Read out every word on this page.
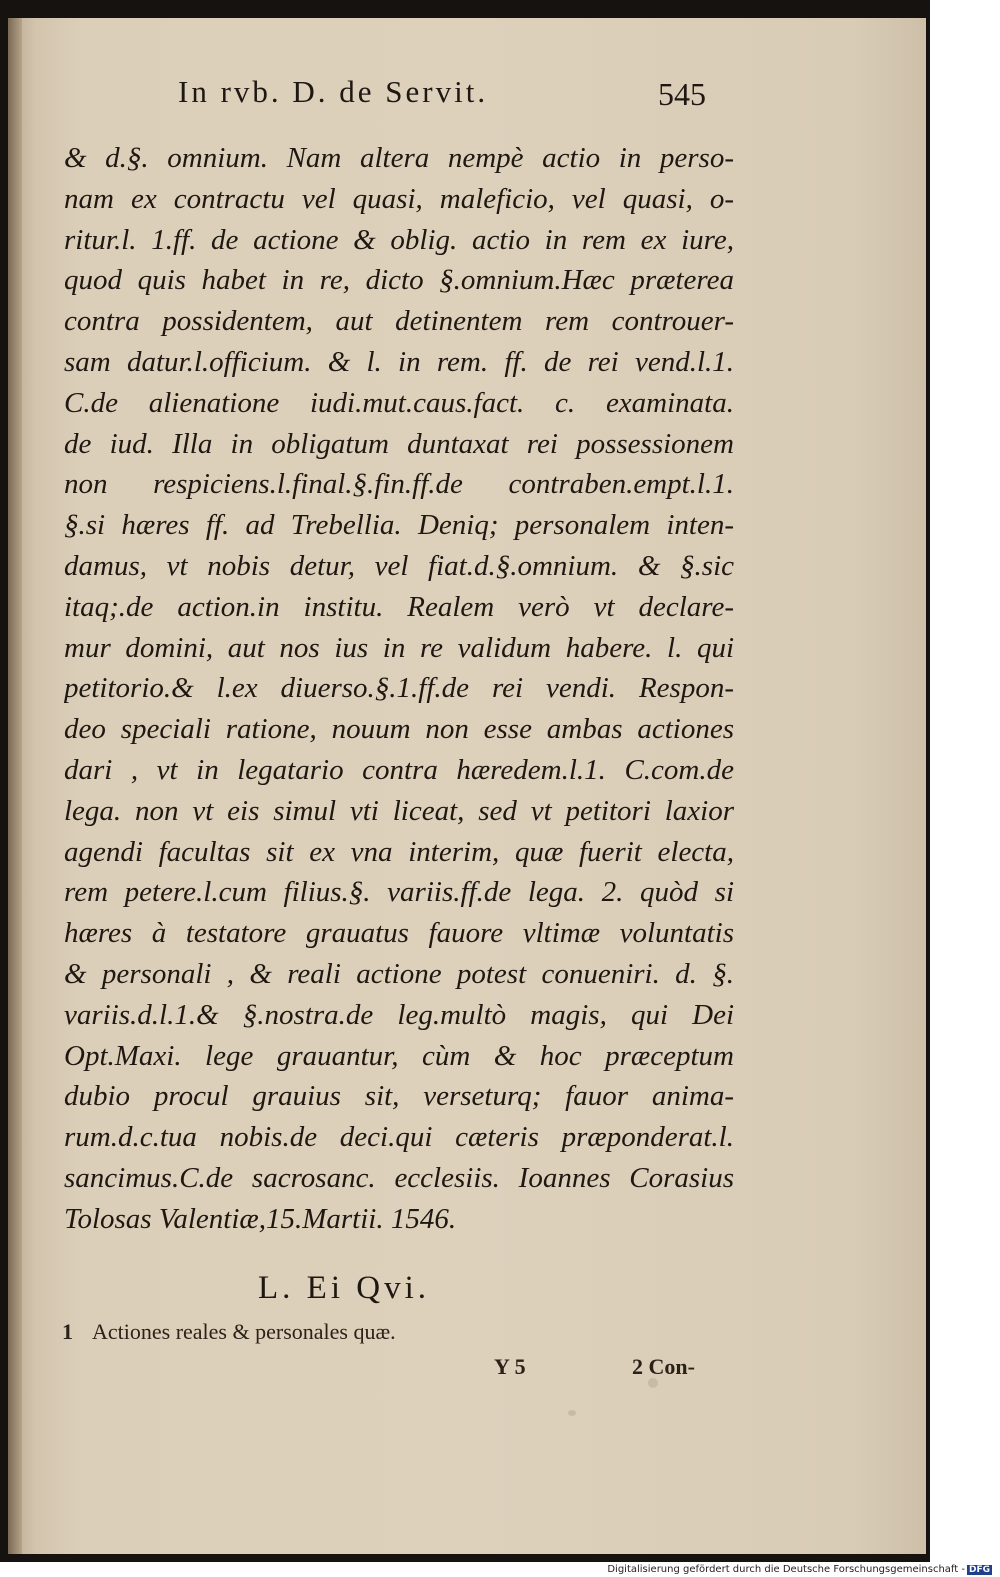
In rvb. D. de Servit.	545
& d.§. omnium. Nam altera nempè actio in perso-
nam ex contractu vel quasi, maleficio, vel quasi, o-
ritur.l. 1.ff. de actione & oblig. actio in rem ex iure,
quod quis habet in re, dicto §.omnium.Hæc præterea
contra possidentem, aut detinentem rem controuer-
sam datur.l.officium. & l. in rem. ff. de rei vend.l.1.
C.de alienatione iudi.mut.caus.fact. c. examinata.
de iud. Illa in obligatum duntaxat rei possessionem
non respiciens.l.final.§.fin.ff.de contraben.empt.l.1.
§.si hæres ff. ad Trebellia. Deniq; personalem inten-
damus, vt nobis detur, vel fiat.d.§.omnium. & §.sic
itaq;.de action.in institu. Realem verò vt declare-
mur domini, aut nos ius in re validum habere. l. qui
petitorio.& l.ex diuerso.§.1.ff.de rei vendi. Respon-
deo speciali ratione, nouum non esse ambas actiones
dari , vt in legatario contra hæredem.l.1. C.com.de
lega. non vt eis simul vti liceat, sed vt petitori laxior
agendi facultas sit ex vna interim, quæ fuerit electa,
rem petere.l.cum filius.§. variis.ff.de lega. 2. quòd si
hæres à testatore grauatus fauore vltimæ voluntatis
& personali , & reali actione potest conueniri. d. §.
variis.d.l.1.& §.nostra.de leg.multò magis, qui Dei
Opt.Maxi. lege grauantur, cùm & hoc præceptum
dubio procul grauius sit, verseturq; fauor anima-
rum.d.c.tua nobis.de deci.qui cæteris præponderat.l.
sancimus.C.de sacrosanc. ecclesiis. Ioannes Corasius
Tolosas Valentiæ,15.Martii. 1546.
L. Ei Qvi.
1 Actiones reales & personales quæ.
Y 5	2 Con-
Digitalisierung gefördert durch die Deutsche Forschungsgemeinschaft - DFG
